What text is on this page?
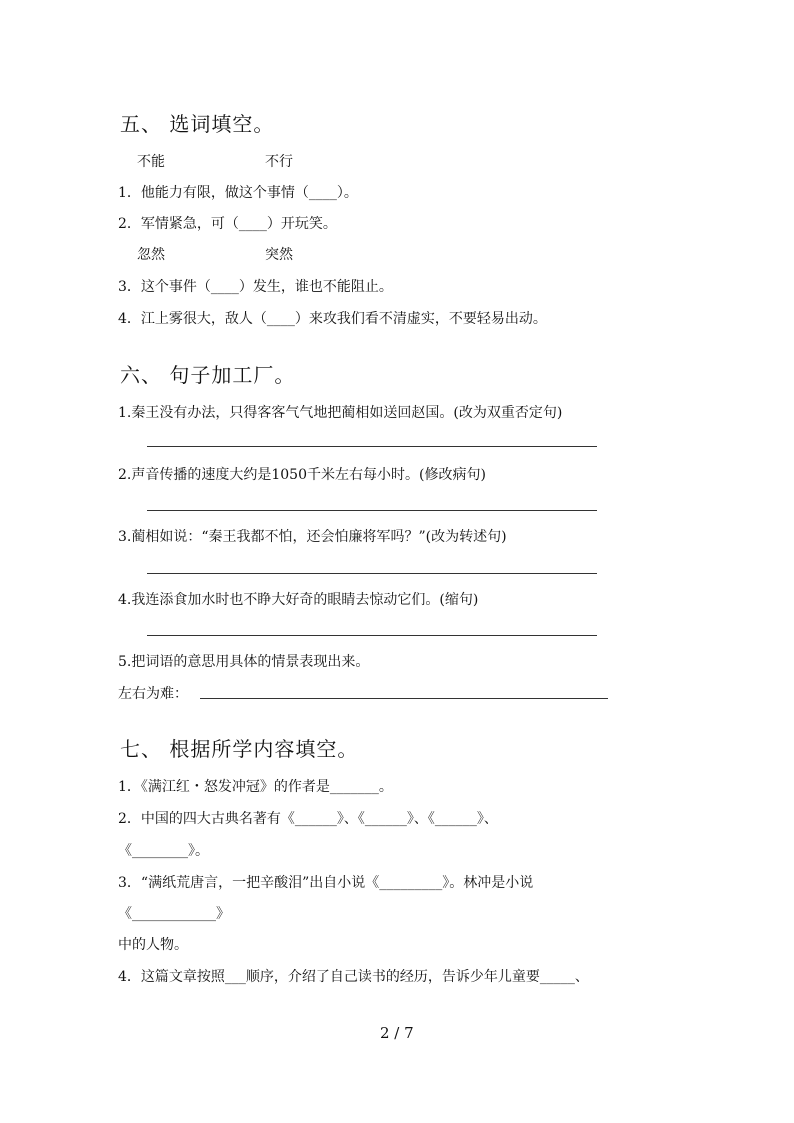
五、 选词填空。
不能	不行
1．他能力有限，做这个事情（____）。
2．军情紧急，可（____）开玩笑。
忽然	突然
3．这个事件（____）发生，谁也不能阻止。
4．江上雾很大，敌人（____）来攻我们看不清虚实，不要轻易出动。
六、 句子加工厂。
1.秦王没有办法，只得客客气气地把蔺相如送回赵国。(改为双重否定句)
2.声音传播的速度大约是1050千米左右每小时。(修改病句)
3.蔺相如说：“秦王我都不怕，还会怕廉将军吗？”(改为转述句)
4.我连添食加水时也不睁大好奇的眼睛去惊动它们。(缩句)
5.把词语的意思用具体的情景表现出来。
左右为难：
七、 根据所学内容填空。
1．《满江红・怒发冲冠》的作者是_______。
2．中国的四大古典名著有《______》、《______》、《______》、
《________》。
3．“满纸荒唐言，一把辛酸泪”出自小说《_________》。林冲是小说
《____________》
中的人物。
4．这篇文章按照___顺序，介绍了自己读书的经历，告诉少年儿童要_____、
2 / 7
